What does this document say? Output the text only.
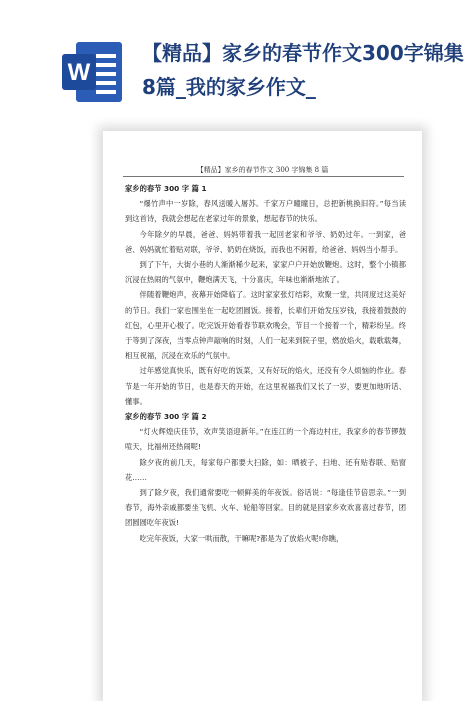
W
【精品】家乡的春节作文300字锦集8篇_我的家乡作文_
【精品】家乡的春节作文 300 字锦集 8 篇

家乡的春节 300 字 篇 1

“爆竹声中一岁除，春风送暖入屠苏。千家万户曈曈日，总把新桃换旧符。”每当读到这首诗，我就会想起在老家过年的景象，想起春节的快乐。

今年除夕的早晨，爸爸、妈妈带着我一起回老家和爷爷、奶奶过年。一到家，爸爸、妈妈就忙着贴对联，爷爷、奶奶在烧饭，而我也不闲着，给爸爸、妈妈当小帮手。

到了下午，大街小巷的人渐渐稀少起来，家家户户开始放鞭炮。这时，整个小镇都沉浸在热闹的气氛中，鞭炮满天飞，十分喜庆，年味也渐渐地浓了。

伴随着鞭炮声，夜幕开始降临了。这时家家张灯结彩，欢聚一堂，共同度过这美好的节日。我们一家也围坐在一起吃团圆饭。接着，长辈们开始发压岁钱，我接着鼓鼓的红包，心里开心极了。吃完饭开始看春节联欢晚会，节目一个接着一个，精彩纷呈。终于等到了深夜，当零点钟声敲响的时刻，人们一起来到院子里，燃放焰火，载歌载舞，相互祝福，沉浸在欢乐的气氛中。

过年感觉真快乐，既有好吃的饭菜，又有好玩的焰火，还没有令人烦恼的作业。春节是一年开始的节日，也是春天的开始，在这里祝福我们又长了一岁，要更加地听话、懂事。

家乡的春节 300 字 篇 2

“灯火辉煌庆佳节，欢声笑语迎新年。”在连江的一个海边村庄，我家乡的春节锣鼓喧天，比福州还热闹呢!

除夕夜的前几天，每家每户都要大扫除，如：晒被子、扫地、还有贴春联、贴窗花……

到了除夕夜，我们通常要吃一顿鲜美的年夜饭。俗话说：“每逢佳节倍思亲。”一到春节，海外亲戚都要坐飞机、火车、轮船等回家。目的就是回家乡欢欢喜喜过春节，团团圆圆吃年夜饭!

吃完年夜饭，大家一哄而散，干嘛呢?都是为了放焰火呢!你瞧，
